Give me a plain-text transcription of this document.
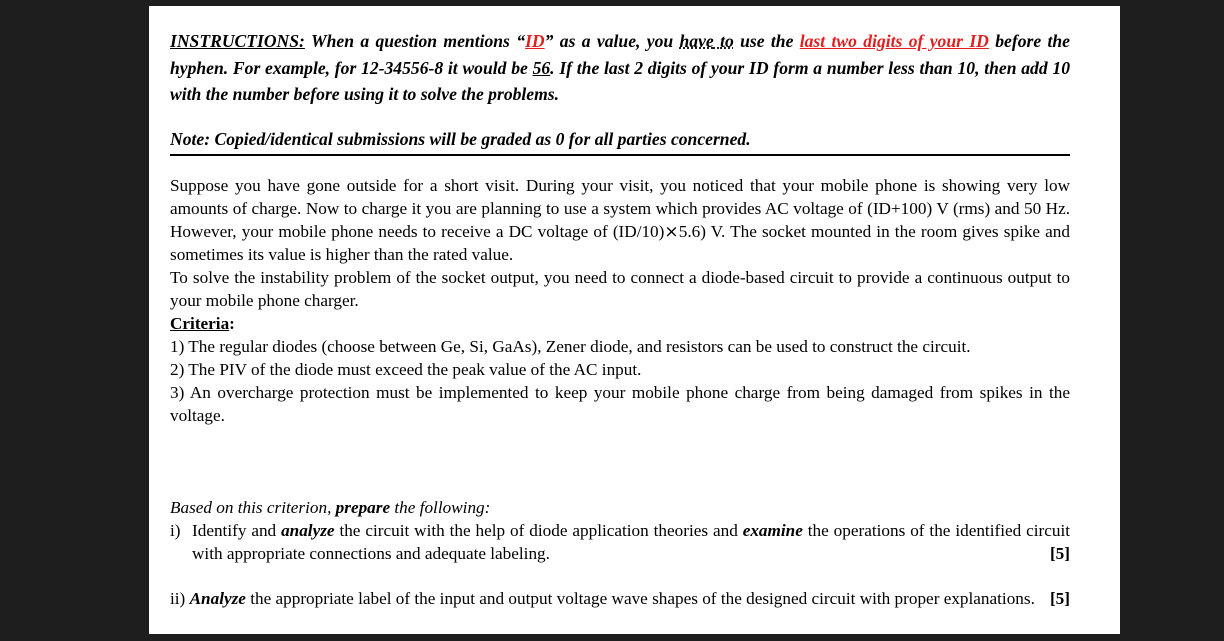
INSTRUCTIONS: When a question mentions “ID” as a value, you have to use the last two digits of your ID before the hyphen. For example, for 12-34556-8 it would be 56. If the last 2 digits of your ID form a number less than 10, then add 10 with the number before using it to solve the problems.
Note: Copied/identical submissions will be graded as 0 for all parties concerned.

Suppose you have gone outside for a short visit. During your visit, you noticed that your mobile phone is showing very low amounts of charge. Now to charge it you are planning to use a system which provides AC voltage of (ID+100) V (rms) and 50 Hz. However, your mobile phone needs to receive a DC voltage of (ID/10)⨯5.6) V. The socket mounted in the room gives spike and sometimes its value is higher than the rated value.

To solve the instability problem of the socket output, you need to connect a diode-based circuit to provide a continuous output to your mobile phone charger.

Criteria:

1) The regular diodes (choose between Ge, Si, GaAs), Zener diode, and resistors can be used to construct the circuit.

2) The PIV of the diode must exceed the peak value of the AC input.

3) An overcharge protection must be implemented to keep your mobile phone charge from being damaged from spikes in the voltage.

Based on this criterion, prepare the following:

i) Identify and analyze the circuit with the help of diode application theories and examine the operations of the identified circuit with appropriate connections and adequate labeling.	[5]
ii) Analyze the appropriate label of the input and output voltage wave shapes of the designed circuit with proper explanations. [5]
